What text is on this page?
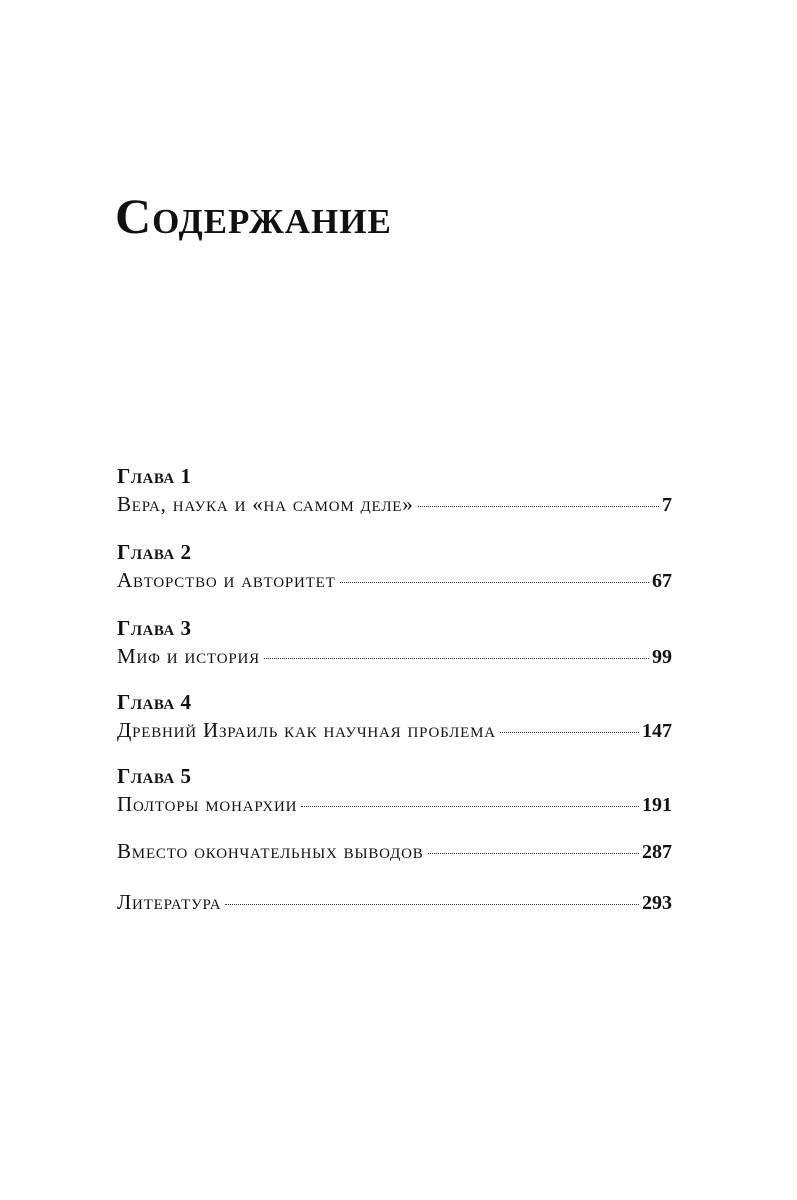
Содержание
Глава 1
Вера, наука и «на самом деле»	7
Глава 2
Авторство и авторитет	67
Глава 3
Миф и история	99
Глава 4
Древний Израиль как научная проблема	147
Глава 5
Полторы монархии	191
Вместо окончательных выводов	287
Литература	293
